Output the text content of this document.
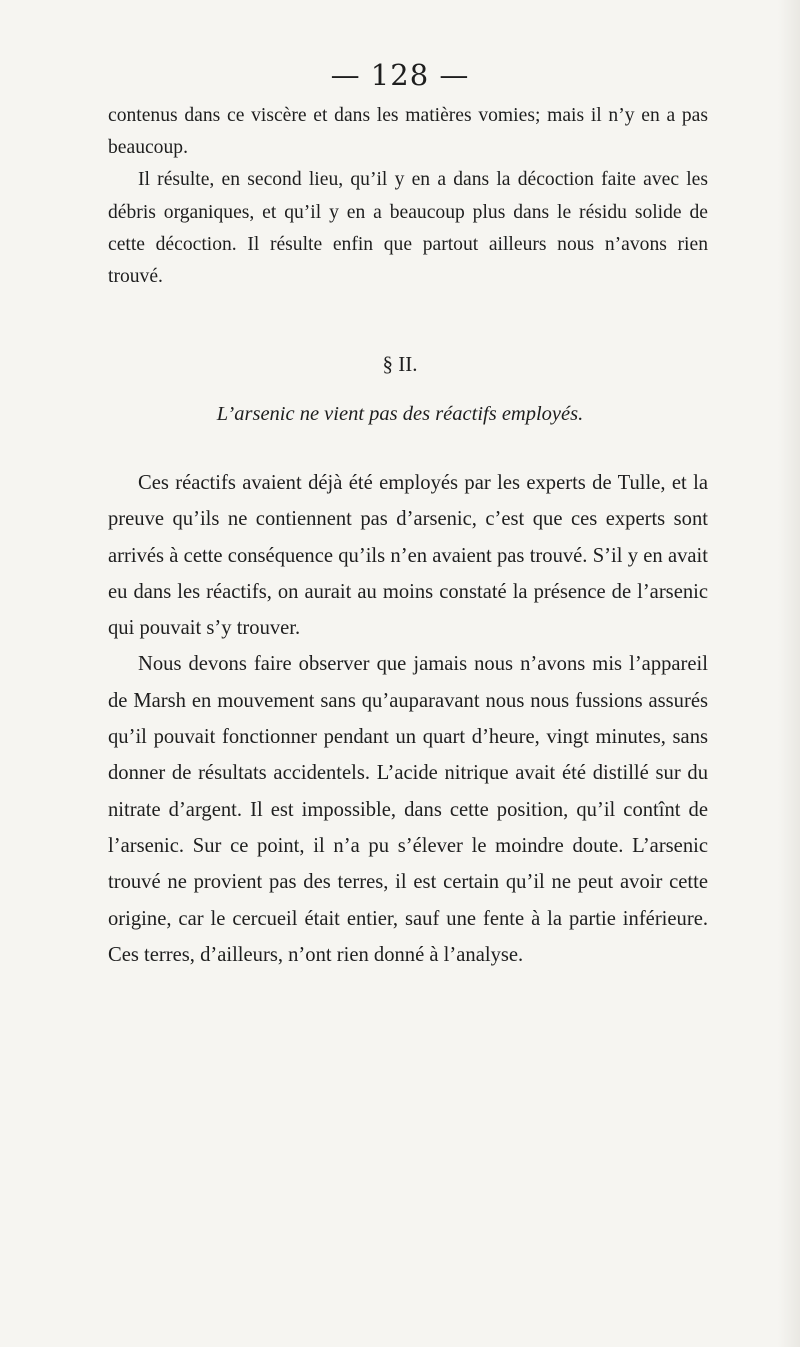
— 128 —

contenus dans ce viscère et dans les matières vomies; mais il n’y en a pas beaucoup.

Il résulte, en second lieu, qu’il y en a dans la décoction faite avec les débris organiques, et qu’il y en a beaucoup plus dans le résidu solide de cette décoction. Il résulte enfin que partout ailleurs nous n’avons rien trouvé.

§ II.
L’arsenic ne vient pas des réactifs employés.

Ces réactifs avaient déjà été employés par les experts de Tulle, et la preuve qu’ils ne contiennent pas d’arsenic, c’est que ces experts sont arrivés à cette conséquence qu’ils n’en avaient pas trouvé. S’il y en avait eu dans les réactifs, on aurait au moins constaté la présence de l’arsenic qui pouvait s’y trouver.

Nous devons faire observer que jamais nous n’avons mis l’appareil de Marsh en mouvement sans qu’auparavant nous nous fussions assurés qu’il pouvait fonctionner pendant un quart d’heure, vingt minutes, sans donner de résultats accidentels. L’acide nitrique avait été distillé sur du nitrate d’argent. Il est impossible, dans cette position, qu’il contînt de l’arsenic. Sur ce point, il n’a pu s’élever le moindre doute. L’arsenic trouvé ne provient pas des terres, il est certain qu’il ne peut avoir cette origine, car le cercueil était entier, sauf une fente à la partie inférieure. Ces terres, d’ailleurs, n’ont rien donné à l’analyse.
